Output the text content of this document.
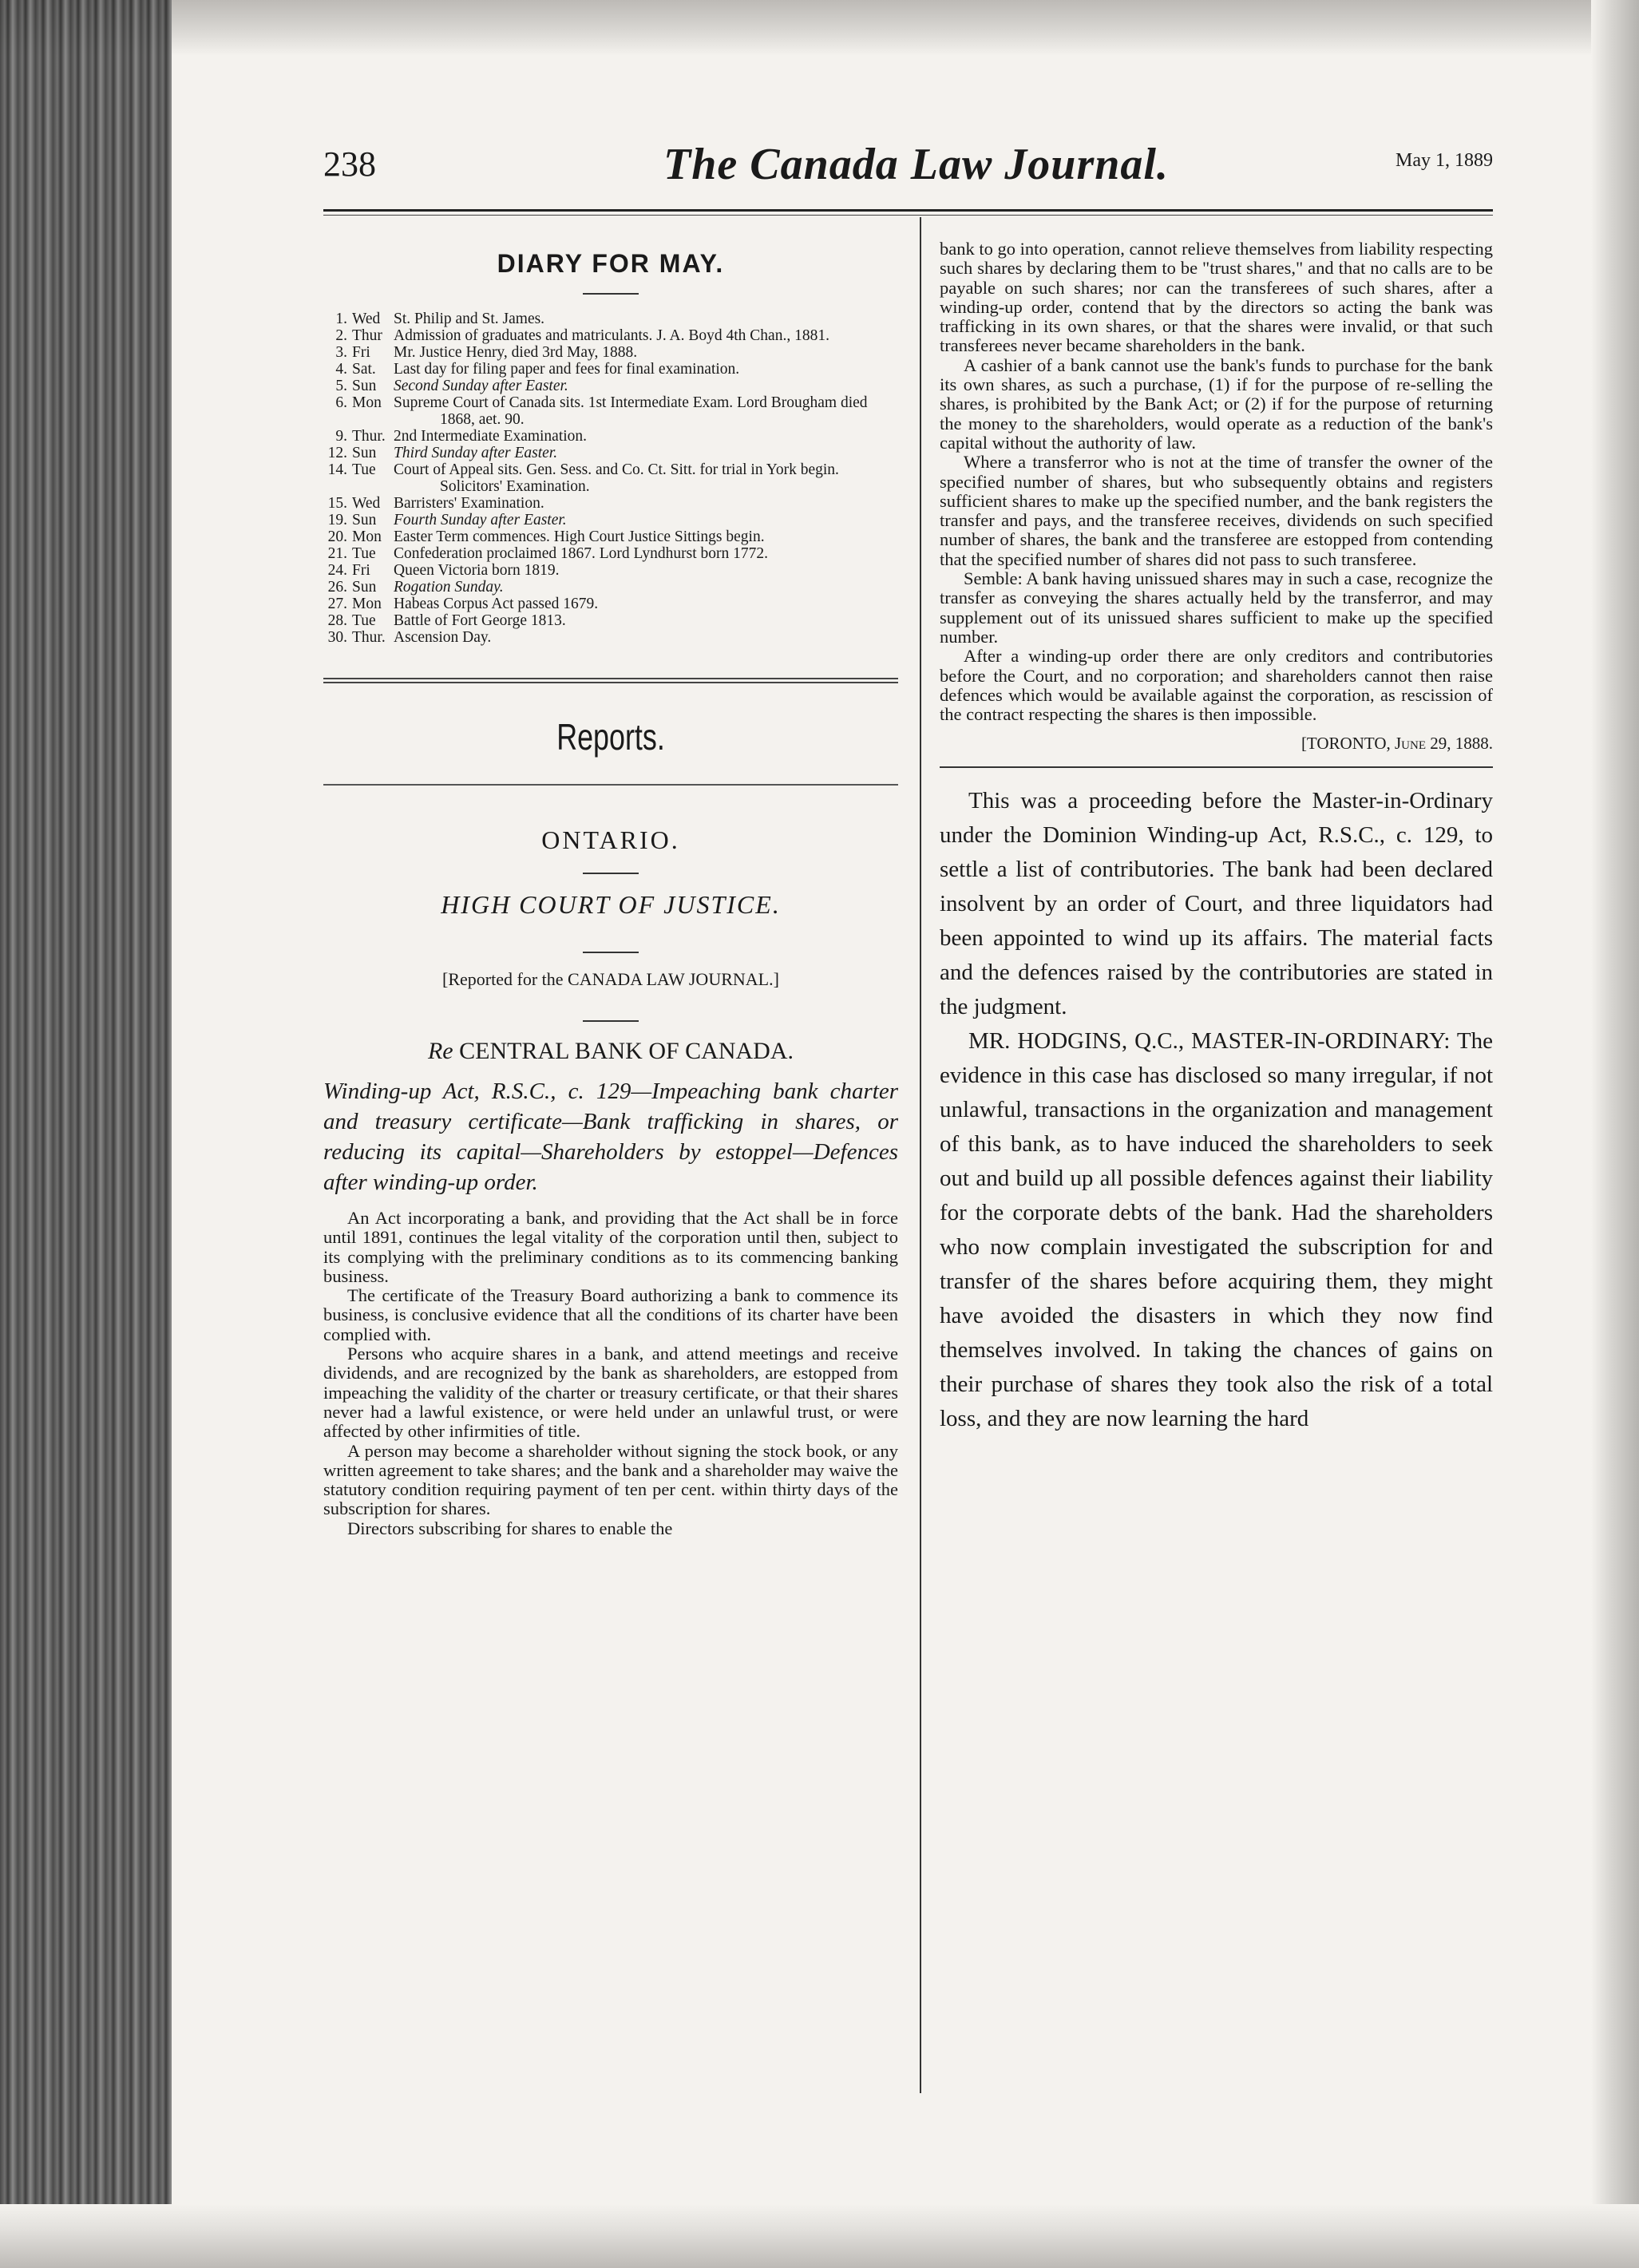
238	The Canada Law Journal.	May 1, 1889
DIARY FOR MAY.
1. Wed St. Philip and St. James.
2. Thur Admission of graduates and matriculants. J. A. Boyd 4th Chan., 1881.
3. Fri	Mr. Justice Henry, died 3rd May, 1888.
4. Sat.	Last day for filing paper and fees for final examination.
5. Sun	Second Sunday after Easter.
6. Mon Supreme Court of Canada sits. 1st Intermediate Exam. Lord Brougham died 1868, aet. 90.
9. Thur. 2nd Intermediate Examination.
12. Sun	Third Sunday after Easter.
14. Tue	Court of Appeal sits. Gen. Sess. and Co. Ct. Sitt. for trial in York begin. Solicitors' Examination.
15. Wed Barristers' Examination.
19. Sun	Fourth Sunday after Easter.
20. Mon Easter Term commences. High Court Justice Sittings begin.
21. Tue	Confederation proclaimed 1867. Lord Lyndhurst born 1772.
24. Fri	Queen Victoria born 1819.
26. Sun	Rogation Sunday.
27. Mon Habeas Corpus Act passed 1679.
28. Tue	Battle of Fort George 1813.
30. Thur. Ascension Day.
Reports.
ONTARIO.
HIGH COURT OF JUSTICE.
[Reported for the CANADA LAW JOURNAL.]
Re CENTRAL BANK OF CANADA.
Winding-up Act, R.S.C., c. 129—Impeaching bank charter and treasury certificate—Bank trafficking in shares, or reducing its capital—Shareholders by estoppel—Defences after winding-up order.

An Act incorporating a bank, and providing that the Act shall be in force until 1891, continues the legal vitality of the corporation until then, subject to its complying with the preliminary conditions as to its commencing banking business.

The certificate of the Treasury Board authorizing a bank to commence its business, is conclusive evidence that all the conditions of its charter have been complied with.

Persons who acquire shares in a bank, and attend meetings and receive dividends, and are recognized by the bank as shareholders, are estopped from impeaching the validity of the charter or treasury certificate, or that their shares never had a lawful existence, or were held under an unlawful trust, or were affected by other infirmities of title.

A person may become a shareholder without signing the stock book, or any written agreement to take shares; and the bank and a shareholder may waive the statutory condition requiring payment of ten per cent. within thirty days of the subscription for shares.

Directors subscribing for shares to enable the

bank to go into operation, cannot relieve themselves from liability respecting such shares by declaring them to be "trust shares," and that no calls are to be payable on such shares; nor can the transferees of such shares, after a winding-up order, contend that by the directors so acting the bank was trafficking in its own shares, or that the shares were invalid, or that such transferees never became shareholders in the bank.

A cashier of a bank cannot use the bank's funds to purchase for the bank its own shares, as such a purchase, (1) if for the purpose of re-selling the shares, is prohibited by the Bank Act; or (2) if for the purpose of returning the money to the shareholders, would operate as a reduction of the bank's capital without the authority of law.

Where a transferror who is not at the time of transfer the owner of the specified number of shares, but who subsequently obtains and registers sufficient shares to make up the specified number, and the bank registers the transfer and pays, and the transferee receives, dividends on such specified number of shares, the bank and the transferee are estopped from contending that the specified number of shares did not pass to such transferee.

Semble: A bank having unissued shares may in such a case, recognize the transfer as conveying the shares actually held by the transferror, and may supplement out of its unissued shares sufficient to make up the specified number.

After a winding-up order there are only creditors and contributories before the Court, and no corporation; and shareholders cannot then raise defences which would be available against the corporation, as rescission of the contract respecting the shares is then impossible.

[TORONTO, June 29, 1888.

This was a proceeding before the Master-in-Ordinary under the Dominion Winding-up Act, R.S.C., c. 129, to settle a list of contributories. The bank had been declared insolvent by an order of Court, and three liquidators had been appointed to wind up its affairs. The material facts and the defences raised by the contributories are stated in the judgment.

MR. HODGINS, Q.C., MASTER-IN-ORDINARY: The evidence in this case has disclosed so many irregular, if not unlawful, transactions in the organization and management of this bank, as to have induced the shareholders to seek out and build up all possible defences against their liability for the corporate debts of the bank. Had the shareholders who now complain investigated the subscription for and transfer of the shares before acquiring them, they might have avoided the disasters in which they now find themselves involved. In taking the chances of gains on their purchase of shares they took also the risk of a total loss, and they are now learning the hard
